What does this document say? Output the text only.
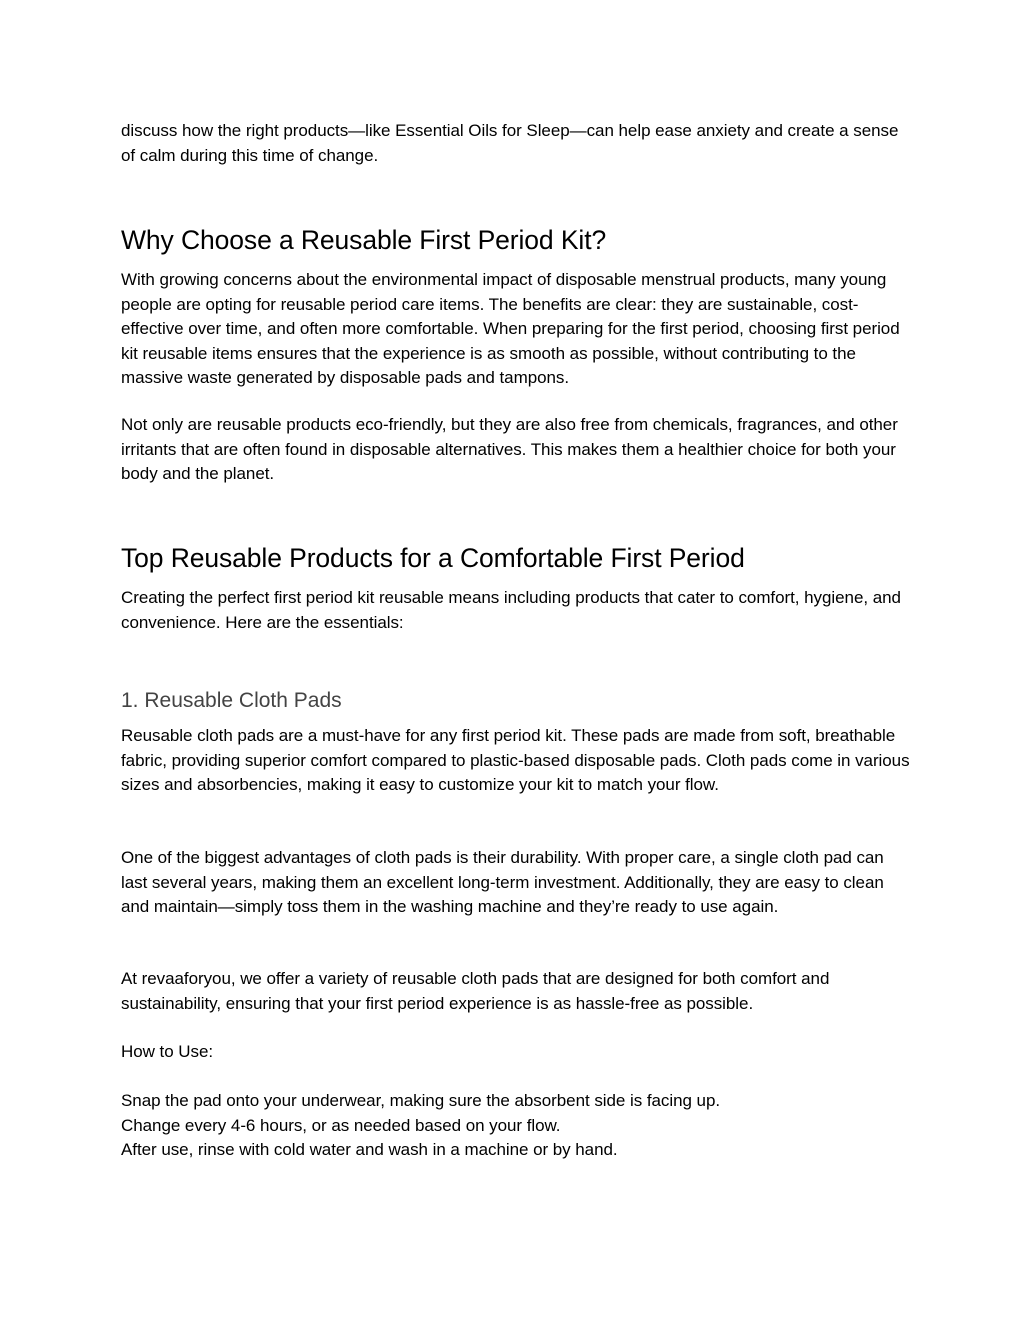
discuss how the right products—like Essential Oils for Sleep—can help ease anxiety and create a sense of calm during this time of change.

Why Choose a Reusable First Period Kit?

With growing concerns about the environmental impact of disposable menstrual products, many young people are opting for reusable period care items. The benefits are clear: they are sustainable, cost-effective over time, and often more comfortable. When preparing for the first period, choosing first period kit reusable items ensures that the experience is as smooth as possible, without contributing to the massive waste generated by disposable pads and tampons.

Not only are reusable products eco-friendly, but they are also free from chemicals, fragrances, and other irritants that are often found in disposable alternatives. This makes them a healthier choice for both your body and the planet.

Top Reusable Products for a Comfortable First Period

Creating the perfect first period kit reusable means including products that cater to comfort, hygiene, and convenience. Here are the essentials:

1. Reusable Cloth Pads

Reusable cloth pads are a must-have for any first period kit. These pads are made from soft, breathable fabric, providing superior comfort compared to plastic-based disposable pads. Cloth pads come in various sizes and absorbencies, making it easy to customize your kit to match your flow.

One of the biggest advantages of cloth pads is their durability. With proper care, a single cloth pad can last several years, making them an excellent long-term investment. Additionally, they are easy to clean and maintain—simply toss them in the washing machine and they’re ready to use again.

At revaaforyou, we offer a variety of reusable cloth pads that are designed for both comfort and sustainability, ensuring that your first period experience is as hassle-free as possible.

How to Use:

Snap the pad onto your underwear, making sure the absorbent side is facing up.
Change every 4-6 hours, or as needed based on your flow.
After use, rinse with cold water and wash in a machine or by hand.
